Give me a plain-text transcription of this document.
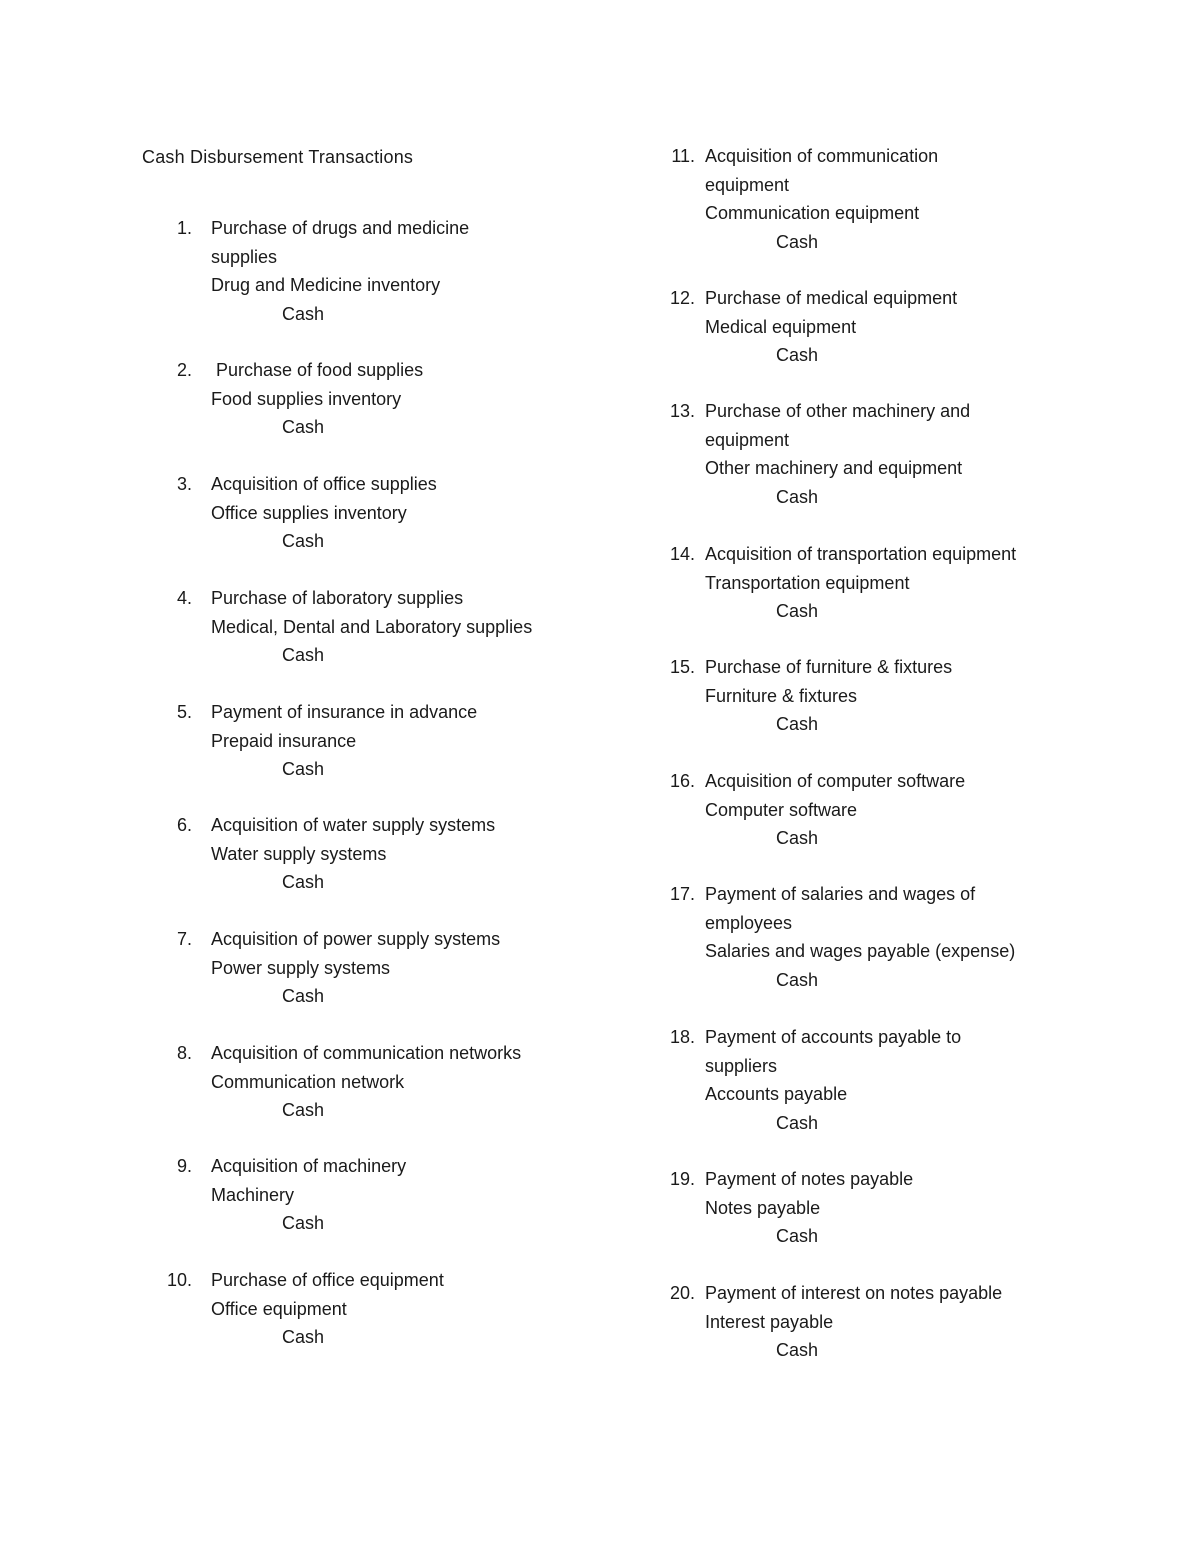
Cash Disbursement Transactions
1. Purchase of drugs and medicine
supplies
Drug and Medicine inventory
Cash
2. Purchase of food supplies
Food supplies inventory
Cash
3. Acquisition of office supplies
Office supplies inventory
Cash
4. Purchase of laboratory supplies
Medical, Dental and Laboratory supplies
Cash
5. Payment of insurance in advance
Prepaid insurance
Cash
6. Acquisition of water supply systems
Water supply systems
Cash
7. Acquisition of power supply systems
Power supply systems
Cash
8. Acquisition of communication networks
Communication network
Cash
9. Acquisition of machinery
Machinery
Cash
10. Purchase of office equipment
Office equipment
Cash
11. Acquisition of communication
equipment
Communication equipment
Cash
12. Purchase of medical equipment
Medical equipment
Cash
13. Purchase of other machinery and
equipment
Other machinery and equipment
Cash
14. Acquisition of transportation equipment
Transportation equipment
Cash
15. Purchase of furniture & fixtures
Furniture & fixtures
Cash
16. Acquisition of computer software
Computer software
Cash
17. Payment of salaries and wages of
employees
Salaries and wages payable (expense)
Cash
18. Payment of accounts payable to
suppliers
Accounts payable
Cash
19. Payment of notes payable
Notes payable
Cash
20. Payment of interest on notes payable
Interest payable
Cash
